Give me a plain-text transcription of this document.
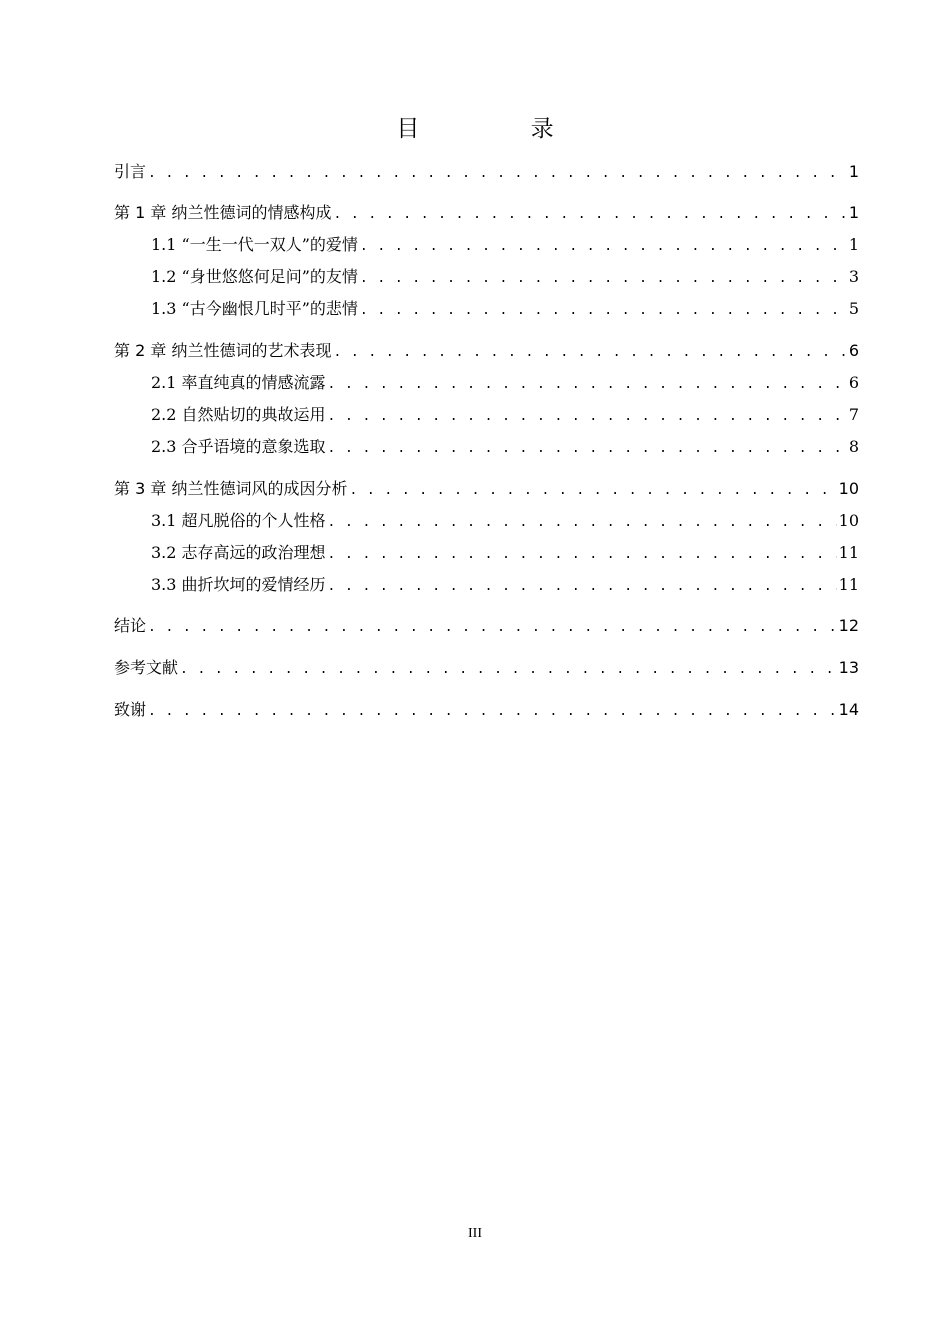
目 录
引言 . . .	1
第 1 章 纳兰性德词的情感构成 . . .	1
1.1 “一生一代一双人”的爱情 . . .	1
1.2 “身世悠悠何足问”的友情 . . .	3
1.3 “古今幽恨几时平”的悲情 . . .	5
第 2 章 纳兰性德词的艺术表现 . . .	6
2.1 率直纯真的情感流露 . . .	6
2.2 自然贴切的典故运用 . . .	7
2.3 合乎语境的意象选取 . . .	8
第 3 章 纳兰性德词风的成因分析 . . .	10
3.1 超凡脱俗的个人性格 . . .	10
3.2 志存高远的政治理想 . . .	11
3.3 曲折坎坷的爱情经历 . . .	11
结论 . . .	12
参考文献 . . .	13
致谢 . . .	14
III
